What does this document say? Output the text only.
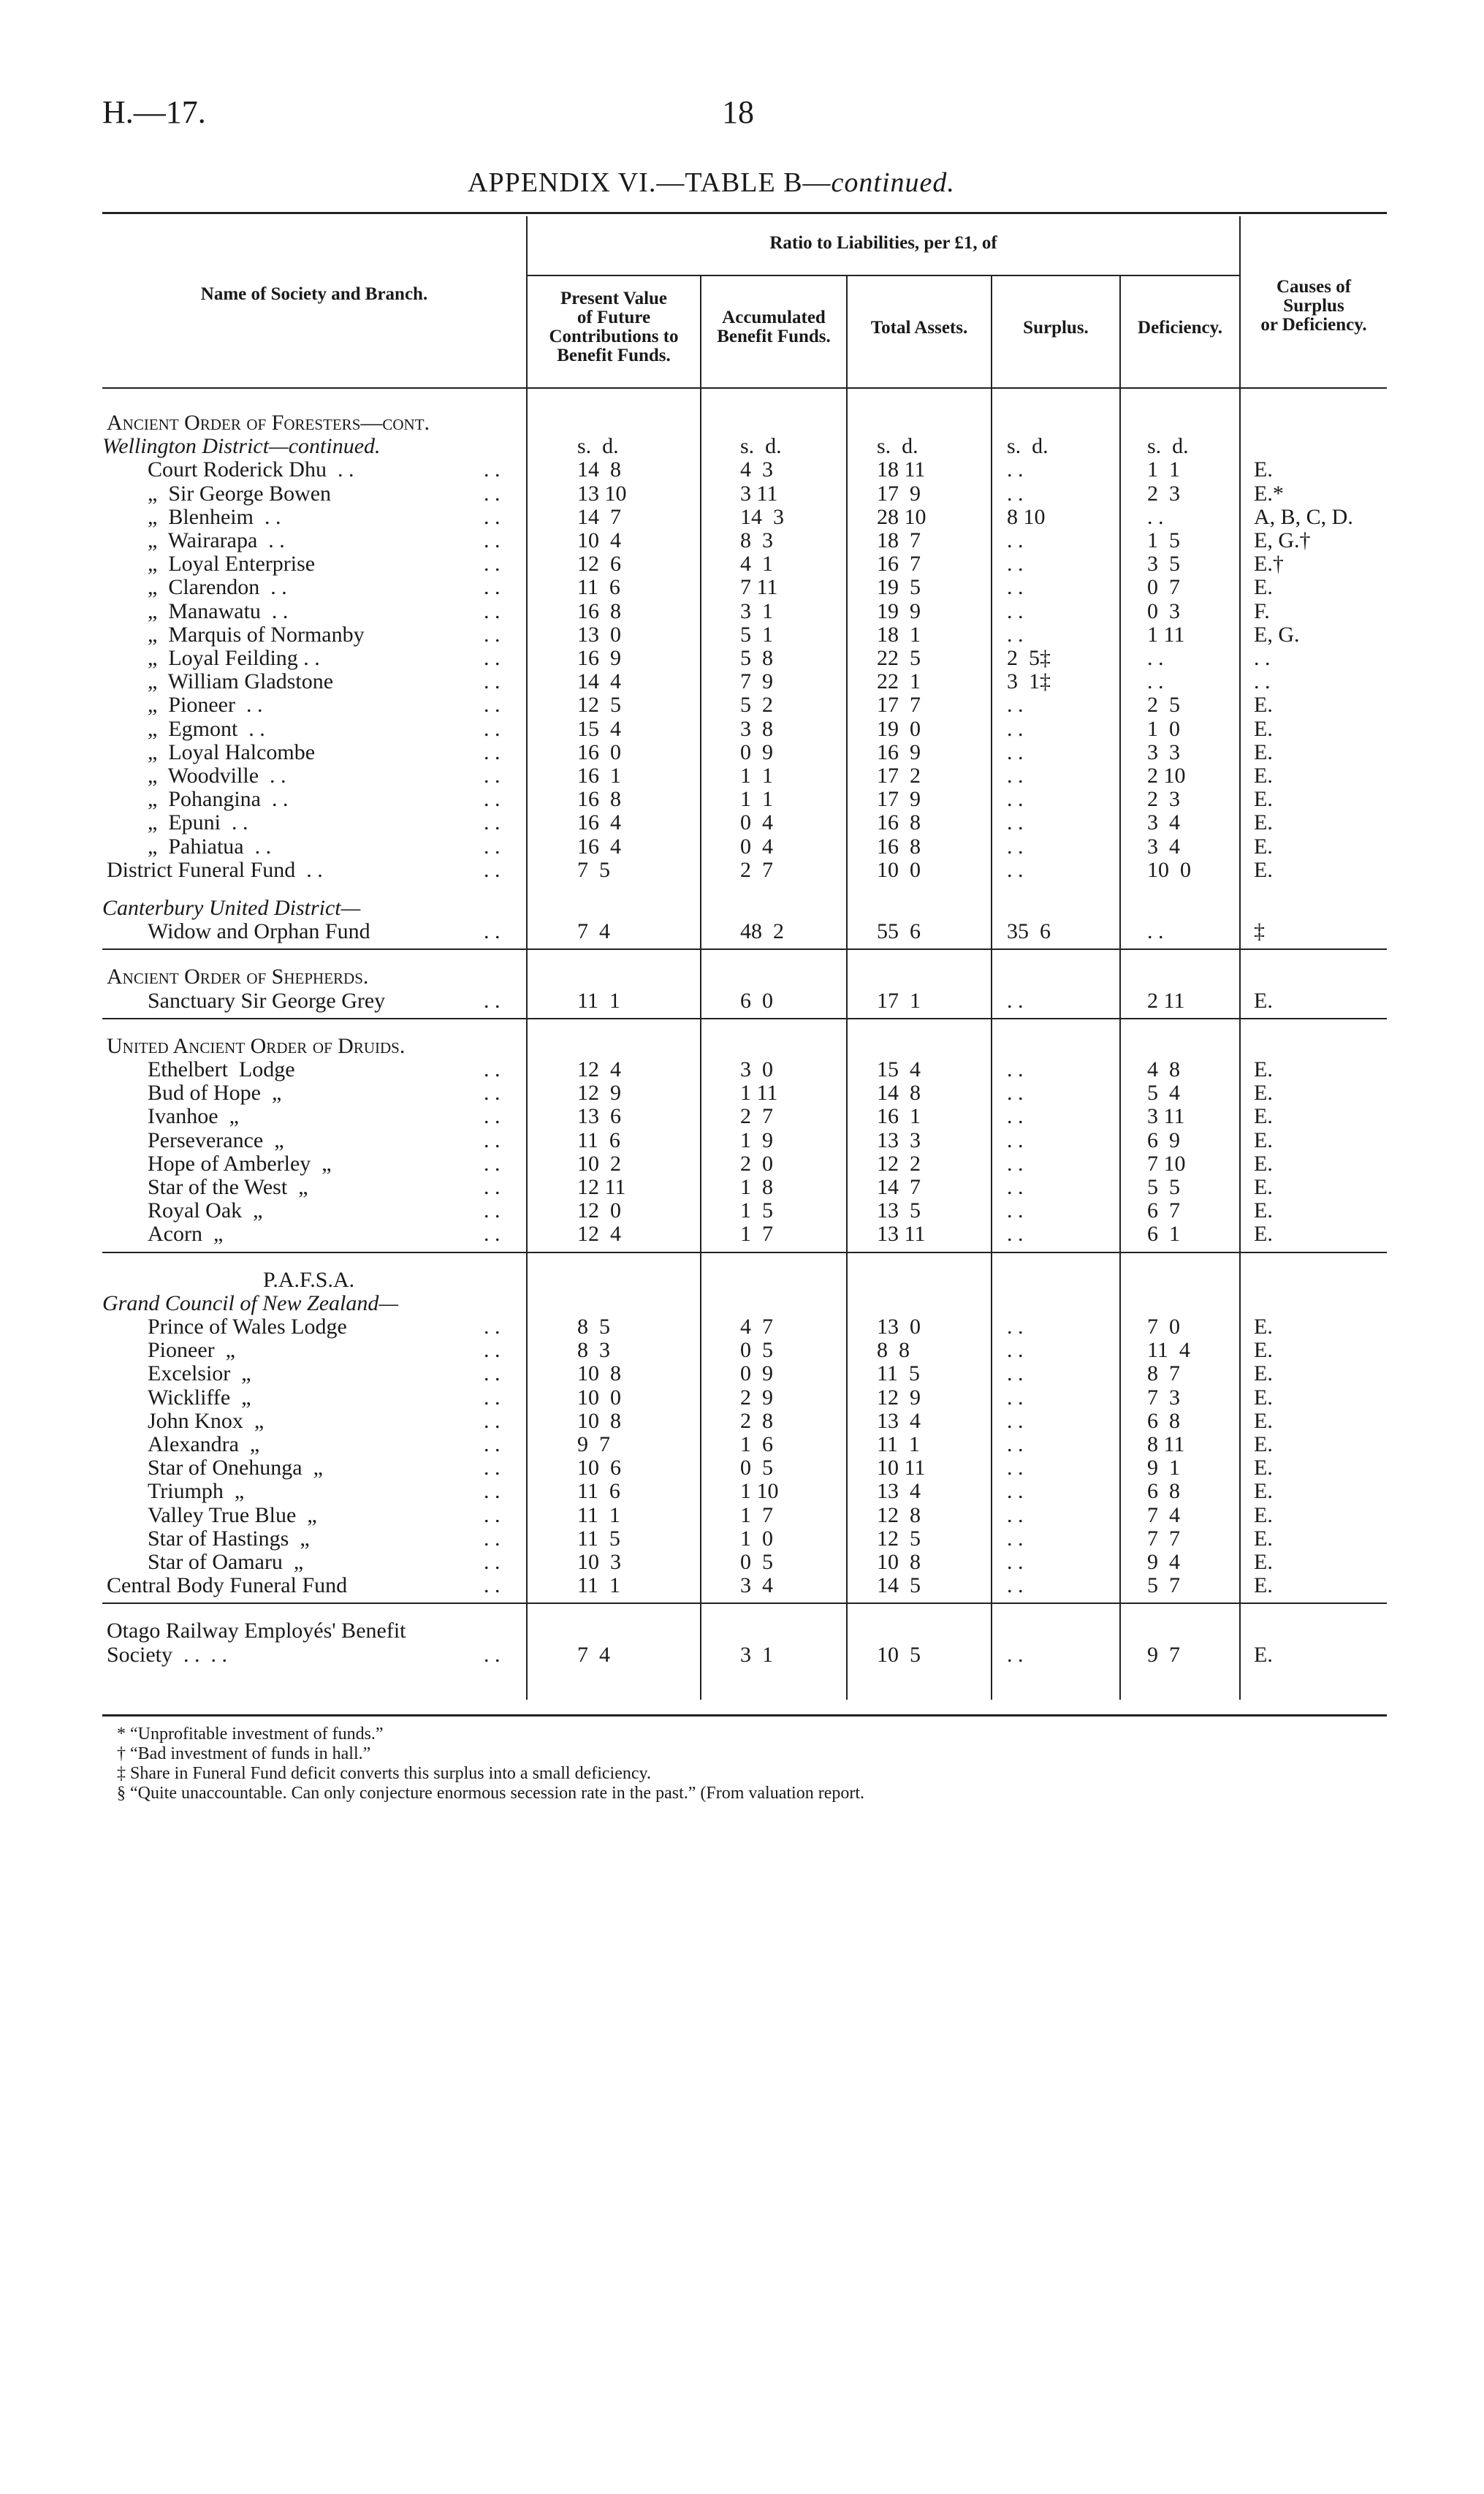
H.—17.	18
APPENDIX VI.—TABLE B—continued.
Name of Society and Branch.
Ratio to Liabilities, per £1, of
Present Value
of Future
Contributions to
Benefit Funds.
Accumulated
Benefit Funds.	Total Assets.	Surplus.	Deficiency.
Causes of
Surplus
or Deficiency.
Ancient Order of Foresters—cont.
Wellington District—continued.	s.  d.	s.  d.	s.  d.	s.  d.	s.  d.
Court Roderick Dhu  . .	. .	14  8	4  3	18 11	. .	1  1	E.
„  Sir George Bowen	. .	13 10	3 11	17  9	. .	2  3	E.*
„  Blenheim  . .	. .	14  7	14  3	28 10	8 10	. .	A, B, C, D.
„  Wairarapa  . .	. .	10  4	8  3	18  7	. .	1  5	E, G.†
„  Loyal Enterprise	. .	12  6	4  1	16  7	. .	3  5	E.†
„  Clarendon  . .	. .	11  6	7 11	19  5	. .	0  7	E.
„  Manawatu  . .	. .	16  8	3  1	19  9	. .	0  3	F.
„  Marquis of Normanby	. .	13  0	5  1	18  1	. .	1 11	E, G.
„  Loyal Feilding . .	. .	16  9	5  8	22  5	2  5‡	. .	. .
„  William Gladstone	. .	14  4	7  9	22  1	3  1‡	. .	. .
„  Pioneer  . .	. .	12  5	5  2	17  7	. .	2  5	E.
„  Egmont  . .	. .	15  4	3  8	19  0	. .	1  0	E.
„  Loyal Halcombe	. .	16  0	0  9	16  9	. .	3  3	E.
„  Woodville  . .	. .	16  1	1  1	17  2	. .	2 10	E.
„  Pohangina  . .	. .	16  8	1  1	17  9	. .	2  3	E.
„  Epuni  . .	. .	16  4	0  4	16  8	. .	3  4	E.
„  Pahiatua  . .	. .	16  4	0  4	16  8	. .	3  4	E.
District Funeral Fund  . .	. .	7  5	2  7	10  0	. .	10  0	E.
Canterbury United District—
Widow and Orphan Fund	. .	7  4	48  2	55  6	35  6	. .	‡
Ancient Order of Shepherds.
Sanctuary Sir George Grey	. .	11  1	6  0	17  1	. .	2 11	E.
United Ancient Order of Druids.
Ethelbert  Lodge	. .	12  4	3  0	15  4	. .	4  8	E.
Bud of Hope  „	. .	12  9	1 11	14  8	. .	5  4	E.
Ivanhoe  „	. .	13  6	2  7	16  1	. .	3 11	E.
Perseverance  „	. .	11  6	1  9	13  3	. .	6  9	E.
Hope of Amberley  „	. .	10  2	2  0	12  2	. .	7 10	E.
Star of the West  „	. .	12 11	1  8	14  7	. .	5  5	E.
Royal Oak  „	. .	12  0	1  5	13  5	. .	6  7	E.
Acorn  „	. .	12  4	1  7	13 11	. .	6  1	E.
P.A.F.S.A.
Grand Council of New Zealand—
Prince of Wales Lodge	. .	8  5	4  7	13  0	. .	7  0	E.
Pioneer  „	. .	8  3	0  5	8  8	. .	11  4	E.
Excelsior  „	. .	10  8	0  9	11  5	. .	8  7	E.
Wickliffe  „	. .	10  0	2  9	12  9	. .	7  3	E.
John Knox  „	. .	10  8	2  8	13  4	. .	6  8	E.
Alexandra  „	. .	9  7	1  6	11  1	. .	8 11	E.
Star of Onehunga  „	. .	10  6	0  5	10 11	. .	9  1	E.
Triumph  „	. .	11  6	1 10	13  4	. .	6  8	E.
Valley True Blue  „	. .	11  1	1  7	12  8	. .	7  4	E.
Star of Hastings  „	. .	11  5	1  0	12  5	. .	7  7	E.
Star of Oamaru  „	. .	10  3	0  5	10  8	. .	9  4	E.
Central Body Funeral Fund	. .	11  1	3  4	14  5	. .	5  7	E.
Otago Railway Employés' Benefit
Society  . .  . .	. .	7  4	3  1	10  5	. .	9  7	E.
* “Unprofitable investment of funds.”
† “Bad investment of funds in hall.”
‡ Share in Funeral Fund deficit converts this surplus into a small deficiency.
§ “Quite unaccountable. Can only conjecture enormous secession rate in the past.” (From valuation report.
